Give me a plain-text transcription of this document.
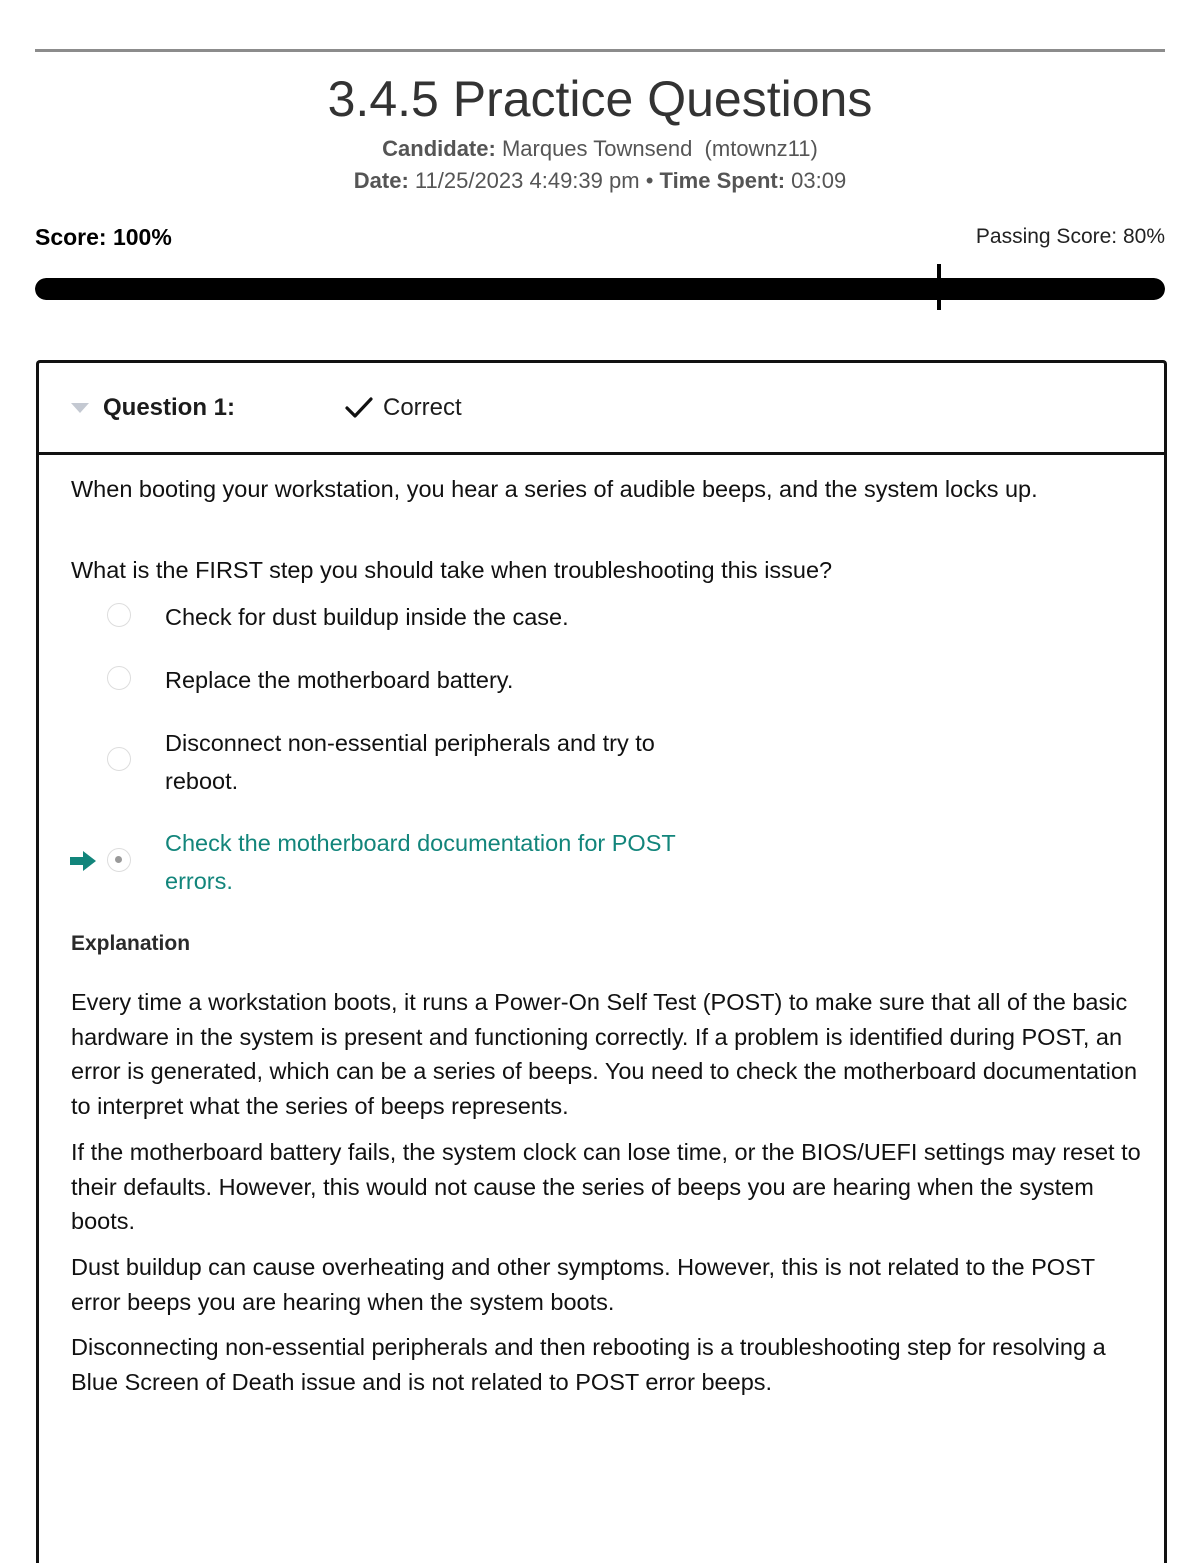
3.4.5 Practice Questions
Candidate: Marques Townsend  (mtownz11)
Date: 11/25/2023 4:49:39 pm • Time Spent: 03:09
Score: 100%	Passing Score: 80%
Question 1:	Correct
When booting your workstation, you hear a series of audible beeps, and the system locks up.
What is the FIRST step you should take when troubleshooting this issue?
Check for dust buildup inside the case.
Replace the motherboard battery.
Disconnect non-essential peripherals and try to reboot.
Check the motherboard documentation for POST errors.
Explanation
Every time a workstation boots, it runs a Power-On Self Test (POST) to make sure that all of the basic hardware in the system is present and functioning correctly. If a problem is identified during POST, an error is generated, which can be a series of beeps. You need to check the motherboard documentation to interpret what the series of beeps represents.
If the motherboard battery fails, the system clock can lose time, or the BIOS/UEFI settings may reset to their defaults. However, this would not cause the series of beeps you are hearing when the system boots.
Dust buildup can cause overheating and other symptoms. However, this is not related to the POST error beeps you are hearing when the system boots.
Disconnecting non-essential peripherals and then rebooting is a troubleshooting step for resolving a Blue Screen of Death issue and is not related to POST error beeps.
